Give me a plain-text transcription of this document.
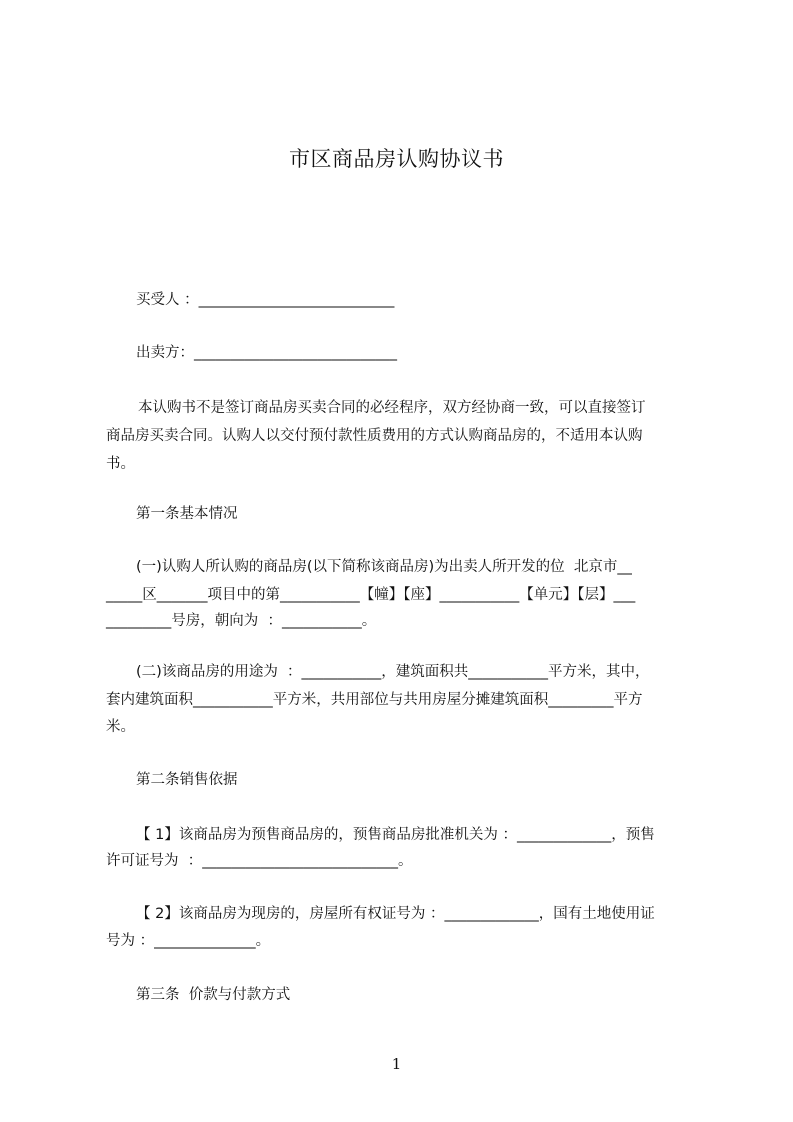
市区商品房认购协议书
买受人 ：___________________________
出卖方：____________________________
本认购书不是签订商品房买卖合同的必经程序，双方经协商一致，可以直接签订
商品房买卖合同。认购人以交付预付款性质费用的方式认购商品房的，不适用本认购
书。
第一条基本情况
(一)认购人所认购的商品房(以下简称该商品房)为出卖人所开发的位  北京市__
_____区_______项目中的第___________【幢】【座】___________【单元】【层】___
_________号房，朝向为  ：___________。
(二)该商品房的用途为  ：___________，建筑面积共___________平方米，其中，
套内建筑面积___________平方米，共用部位与共用房屋分摊建筑面积_________平方
米。
第二条销售依据
【 1】该商品房为预售商品房的，预售商品房批准机关为 ：_____________，预售
许可证号为  ：___________________________。
【 2】该商品房为现房的，房屋所有权证号为 ：_____________，国有土地使用证
号为 ：______________。
第三条  价款与付款方式
1
